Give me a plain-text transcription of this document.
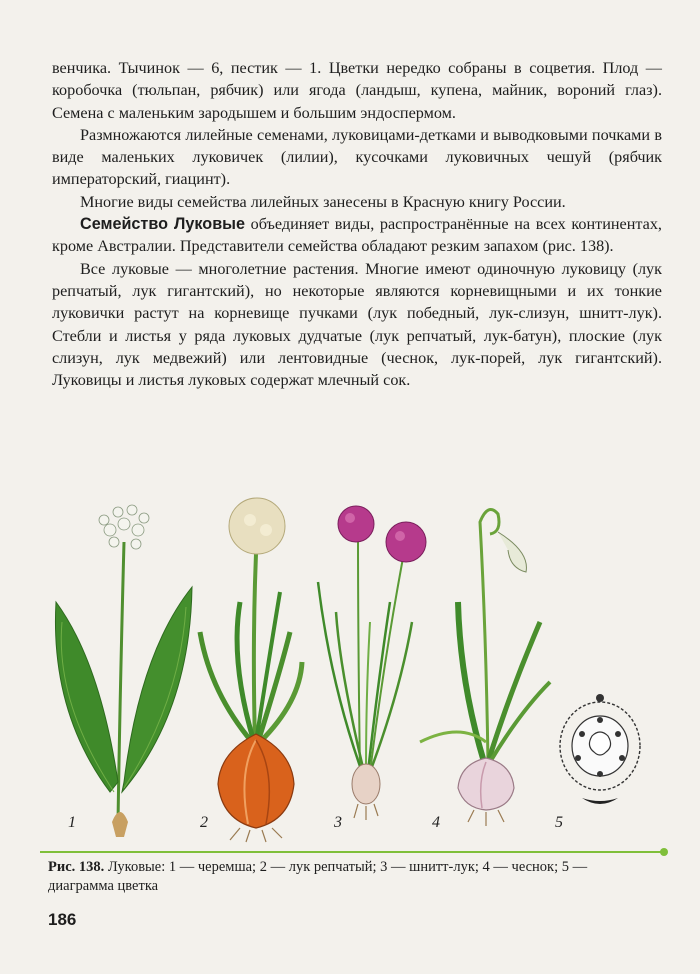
венчика. Тычинок — 6, пестик — 1. Цветки нередко собраны в соцветия. Плод — коробочка (тюльпан, рябчик) или ягода (ландыш, купена, майник, вороний глаз). Семена с маленьким зародышем и большим эндоспермом.

Размножаются лилейные семенами, луковицами-детками и выводковыми почками в виде маленьких луковичек (лилии), кусочками луковичных чешуй (рябчик императорский, гиацинт).

Многие виды семейства лилейных занесены в Красную книгу России.

Семейство Луковые объединяет виды, распространённые на всех континентах, кроме Австралии. Представители семейства обладают резким запахом (рис. 138).

Все луковые — многолетние растения. Многие имеют одиночную луковицу (лук репчатый, лук гигантский), но некоторые являются корневищными и их тонкие луковички растут на корневище пучками (лук победный, лук-слизун, шнитт-лук). Стебли и листья у ряда луковых дудчатые (лук репчатый, лук-батун), плоские (лук слизун, лук медвежий) или лентовидные (чеснок, лук-порей, лук гигантский). Луковицы и листья луковых содержат млечный сок.

1	2	3	4	5
Рис. 138. Луковые: 1 — черемша; 2 — лук репчатый; 3 — шнитт-лук; 4 — чеснок; 5 — диаграмма цветка
186
